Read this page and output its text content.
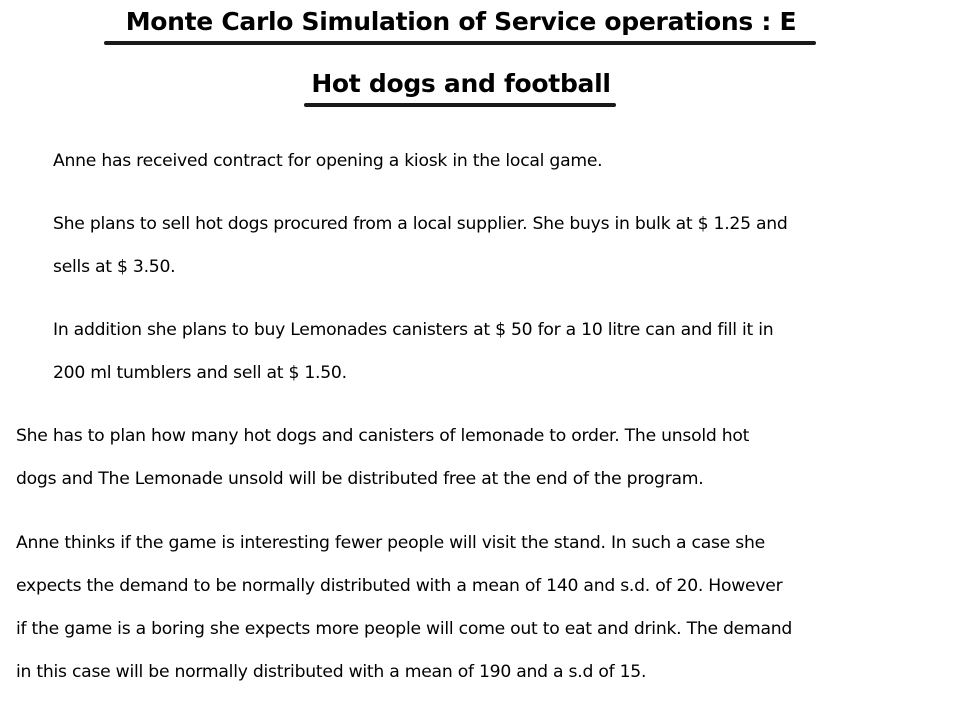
Monte Carlo Simulation of Service operations : E
Hot dogs and football

Anne has received contract for opening a kiosk in the local game.

She plans to sell hot dogs procured from a local supplier. She buys in bulk at $ 1.25 and
sells at $ 3.50.

In addition she plans to buy Lemonades canisters at $ 50 for a 10 litre can and fill it in
200 ml tumblers and sell at $ 1.50.

She has to plan how many hot dogs and canisters of lemonade to order. The unsold hot
dogs and The Lemonade unsold will be distributed free at the end of the program.

Anne thinks if the game is interesting fewer people will visit the stand. In such a case she
expects the demand to be normally distributed with a mean of 140 and s.d. of 20. However
if the game is a boring she expects more people will come out to eat and drink. The demand
in this case will be normally distributed with a mean of 190 and a s.d of 15.
